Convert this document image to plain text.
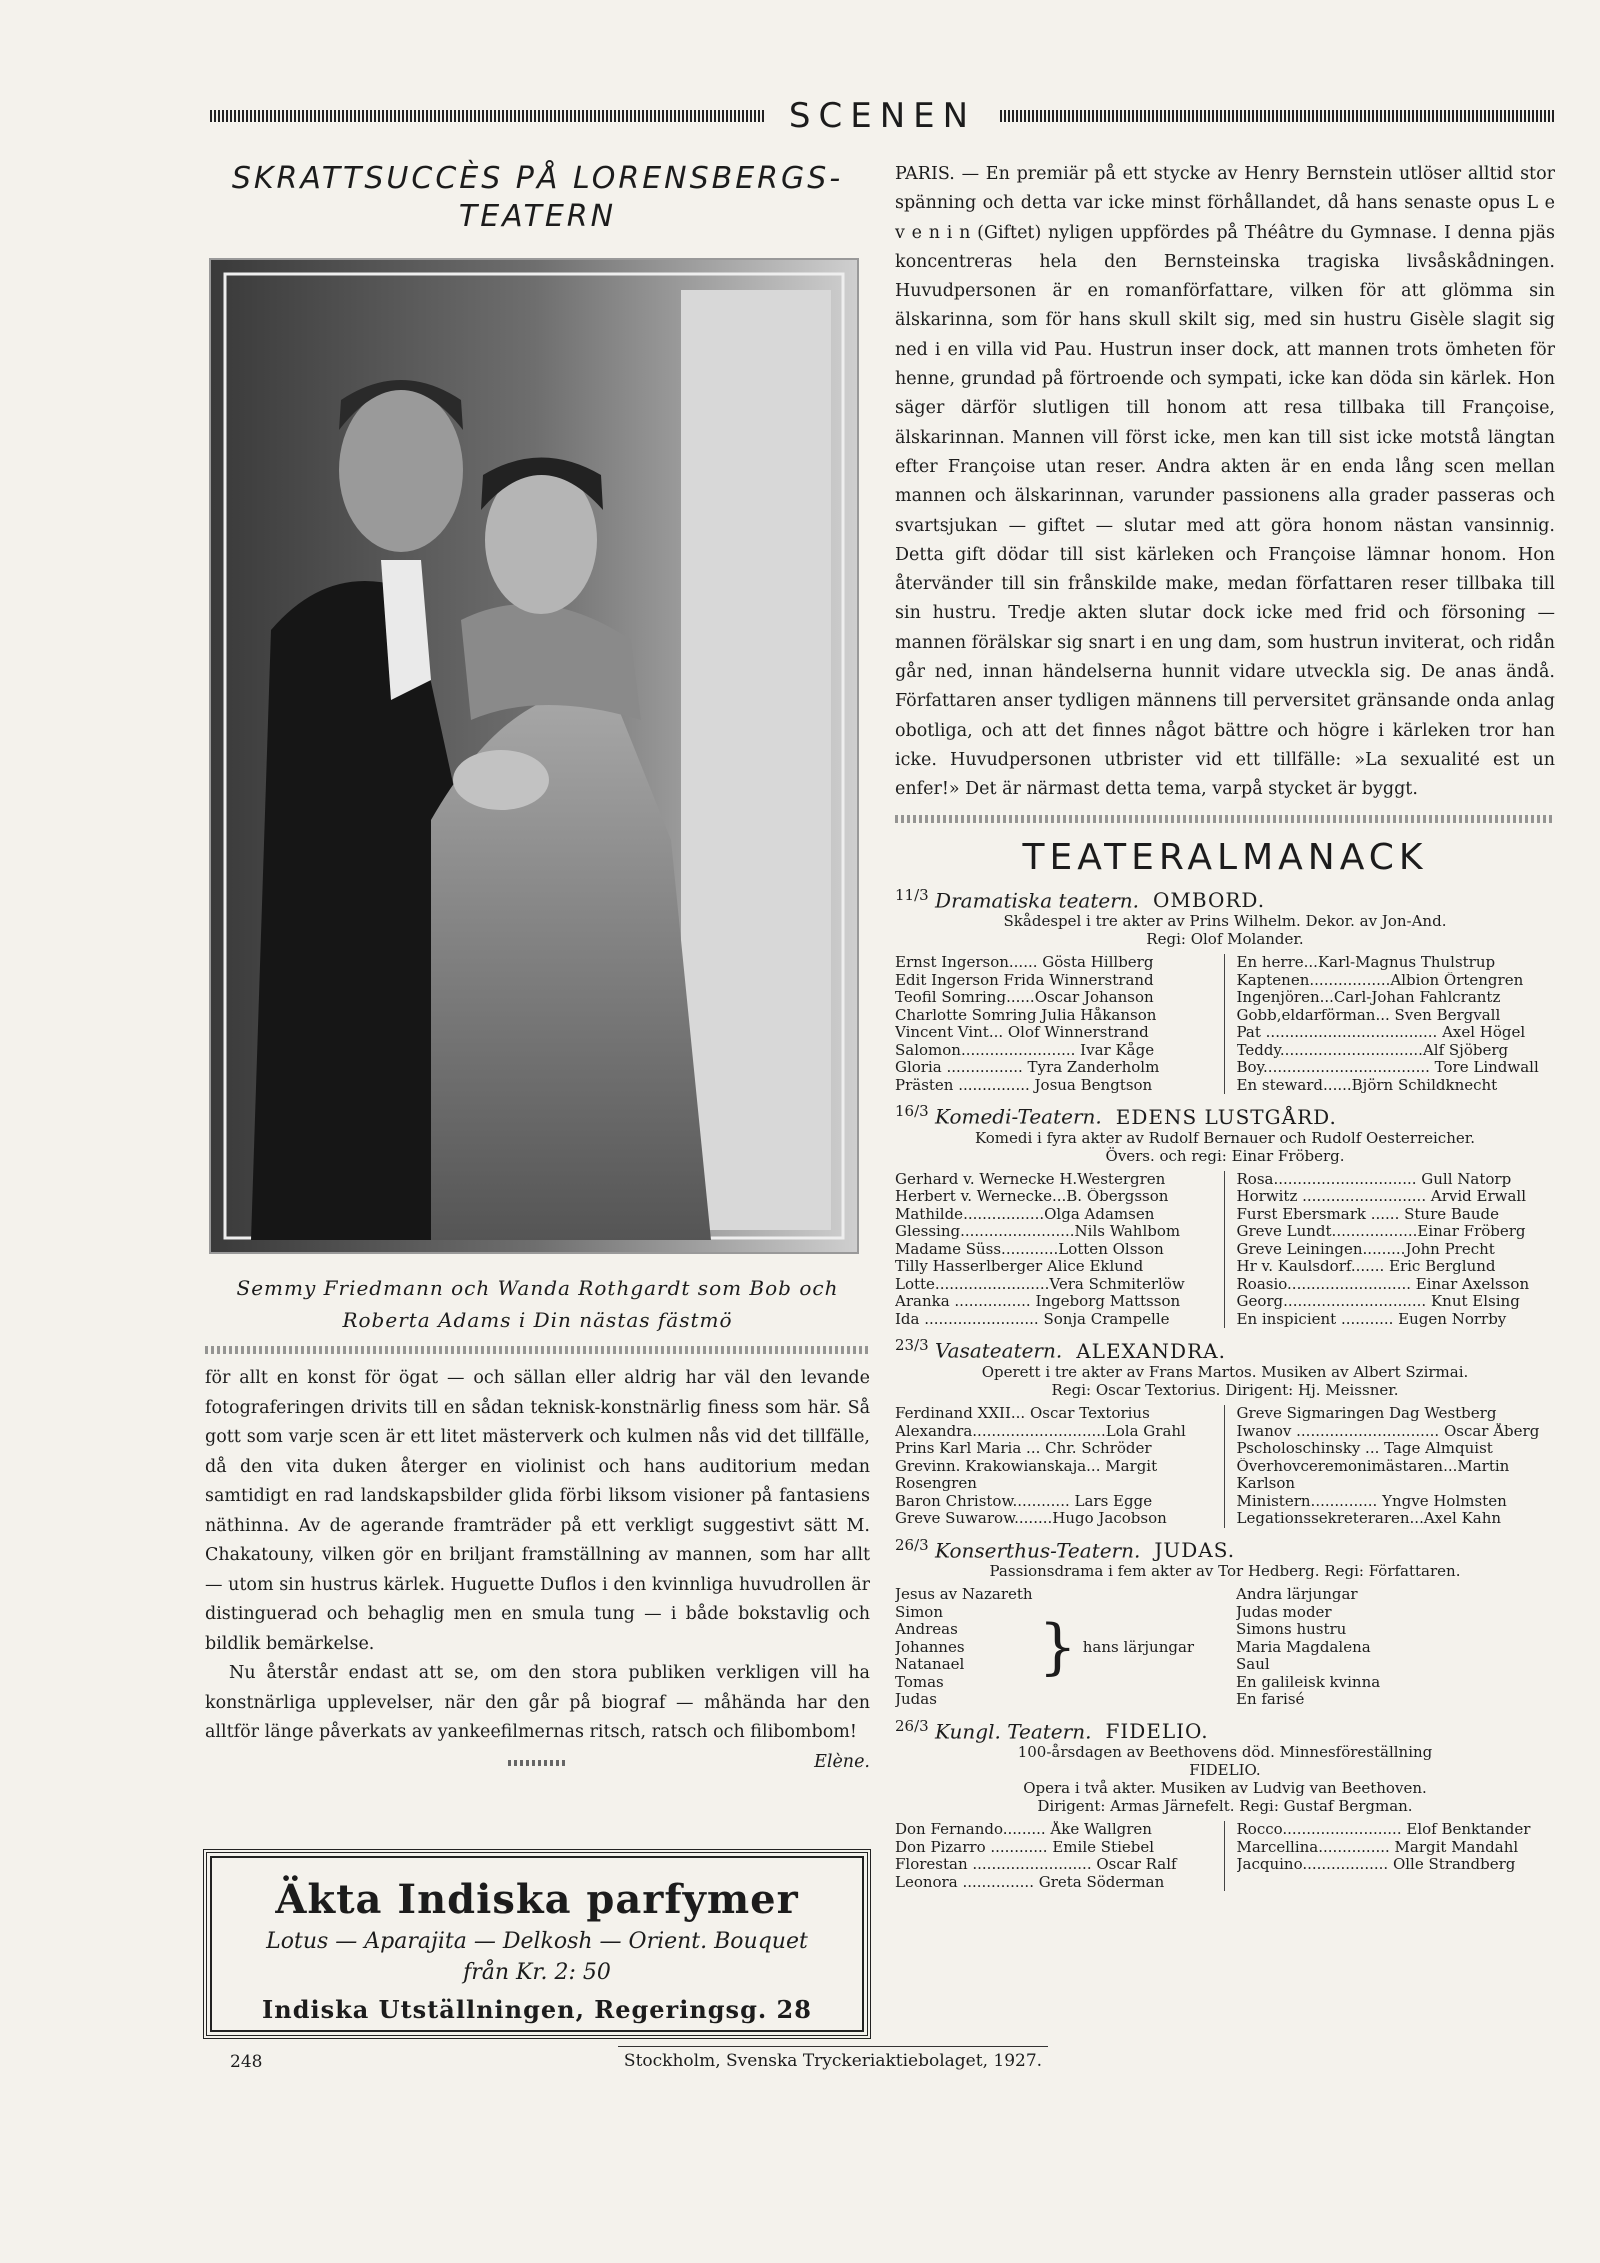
SCENEN
SKRATTSUCCÈS PÅ LORENSBERGS-TEATERN
Semmy Friedmann och Wanda Rothgardt som Bob och Roberta Adams i Din nästas fästmö

för allt en konst för ögat — och sällan eller aldrig har väl den levande fotograferingen drivits till en sådan teknisk-konstnärlig finess som här. Så gott som varje scen är ett litet mästerverk och kulmen nås vid det tillfälle, då den vita duken återger en violinist och hans auditorium medan samtidigt en rad landskapsbilder glida förbi liksom visioner på fantasiens näthinna. Av de agerande framträder på ett verkligt suggestivt sätt M. Chakatouny, vilken gör en briljant framställning av mannen, som har allt — utom sin hustrus kärlek. Huguette Duflos i den kvinnliga huvudrollen är distinguerad och behaglig men en smula tung — i både bokstavlig och bildlik bemärkelse.

Nu återstår endast att se, om den stora publiken verkligen vill ha konstnärliga upplevelser, när den går på biograf — måhända har den alltför länge påverkats av yankeefilmernas ritsch, ratsch och filibombom!
Elène.

Äkta Indiska parfymer
Lotus — Aparajita — Delkosh — Orient. Bouquet
från Kr. 2: 50
Indiska Utställningen, Regeringsg. 28

PARIS. — En premiär på ett stycke av Henry Bernstein utlöser alltid stor spänning och detta var icke minst förhållandet, då hans senaste opus L e v e n i n (Giftet) nyligen uppfördes på Théâtre du Gymnase. I denna pjäs koncentreras hela den Bernsteinska tragiska livsåskådningen. Huvudpersonen är en romanförfattare, vilken för att glömma sin älskarinna, som för hans skull skilt sig, med sin hustru Gisèle slagit sig ned i en villa vid Pau. Hustrun inser dock, att mannen trots ömheten för henne, grundad på förtroende och sympati, icke kan döda sin kärlek. Hon säger därför slutligen till honom att resa tillbaka till Françoise, älskarinnan. Mannen vill först icke, men kan till sist icke motstå längtan efter Françoise utan reser. Andra akten är en enda lång scen mellan mannen och älskarinnan, varunder passionens alla grader passeras och svartsjukan — giftet — slutar med att göra honom nästan vansinnig. Detta gift dödar till sist kärleken och Françoise lämnar honom. Hon återvänder till sin frånskilde make, medan författaren reser tillbaka till sin hustru. Tredje akten slutar dock icke med frid och försoning — mannen förälskar sig snart i en ung dam, som hustrun inviterat, och ridån går ned, innan händelserna hunnit vidare utveckla sig. De anas ändå. Författaren anser tydligen männens till perversitet gränsande onda anlag obotliga, och att det finnes något bättre och högre i kärleken tror han icke. Huvudpersonen utbrister vid ett tillfälle: »La sexualité est un enfer!» Det är närmast detta tema, varpå stycket är byggt.

TEATERALMANACK
$^{11/3}$ Dramatiska teatern. OMBORD.
Skådespel i tre akter av Prins Wilhelm. Dekor. av Jon-And.
Regi: Olof Molander.
Ernst Ingerson...... Gösta Hillberg
Edit Ingerson Frida Winnerstrand
Teofil Somring......Oscar Johanson
Charlotte Somring Julia Håkanson
Vincent Vint... Olof Winnerstrand
Salomon........................ Ivar Kåge
Gloria ................ Tyra Zanderholm
Prästen ............... Josua Bengtson
En herre...Karl-Magnus Thulstrup
Kaptenen.................Albion Örtengren
Ingenjören...Carl-Johan Fahlcrantz
Gobb,eldarförman... Sven Bergvall
Pat .................................... Axel Högel
Teddy..............................Alf Sjöberg
Boy................................... Tore Lindwall
En steward......Björn Schildknecht
$^{16/3}$ Komedi-Teatern. EDENS LUSTGÅRD.
Komedi i fyra akter av Rudolf Bernauer och Rudolf Oesterreicher.
Övers. och regi: Einar Fröberg.
Gerhard v. Wernecke H.Westergren
Herbert v. Wernecke...B. Öbergsson
Mathilde.................Olga Adamsen
Glessing........................Nils Wahlbom
Madame Süss............Lotten Olsson
Tilly Hasserlberger Alice Eklund
Lotte........................Vera Schmiterlöw
Aranka ................ Ingeborg Mattsson
Ida ........................ Sonja Crampelle
Rosa.............................. Gull Natorp
Horwitz .......................... Arvid Erwall
Furst Ebersmark ...... Sture Baude
Greve Lundt..................Einar Fröberg
Greve Leiningen.........John Precht
Hr v. Kaulsdorf....... Eric Berglund
Roasio.......................... Einar Axelsson
Georg.............................. Knut Elsing
En inspicient ........... Eugen Norrby
$^{23/3}$ Vasateatern. ALEXANDRA.
Operett i tre akter av Frans Martos. Musiken av Albert Szirmai.
Regi: Oscar Textorius. Dirigent: Hj. Meissner.
Ferdinand XXII... Oscar Textorius
Alexandra............................Lola Grahl
Prins Karl Maria ... Chr. Schröder
Grevinn. Krakowianskaja... Margit
Rosengren
Baron Christow............ Lars Egge
Greve Suwarow........Hugo Jacobson
Greve Sigmaringen Dag Westberg
Iwanov .............................. Oscar Åberg
Pscholoschinsky ... Tage Almquist
Överhovceremonimästaren...Martin
Karlson
Ministern.............. Yngve Holmsten
Legationssekreteraren...Axel Kahn
$^{26/3}$ Konserthus-Teatern. JUDAS.
Passionsdrama i fem akter av Tor Hedberg. Regi: Författaren.
Jesus av Nazareth
Simon
Andreas
Johannes
Natanael
Tomas
Judas
} hans lärjungar
Andra lärjungar
Judas moder
Simons hustru
Maria Magdalena
Saul
En galileisk kvinna
En farisé
$^{26/3}$ Kungl. Teatern. FIDELIO.
100-årsdagen av Beethovens död. Minnesföreställning
FIDELIO.
Opera i två akter. Musiken av Ludvig van Beethoven.
Dirigent: Armas Järnefelt. Regi: Gustaf Bergman.
Don Fernando......... Åke Wallgren
Don Pizarro ............ Emile Stiebel
Florestan ......................... Oscar Ralf
Leonora ............... Greta Söderman
Rocco......................... Elof Benktander
Marcellina............... Margit Mandahl
Jacquino.................. Olle Strandberg
248	Stockholm, Svenska Tryckeriaktiebolaget, 1927.
